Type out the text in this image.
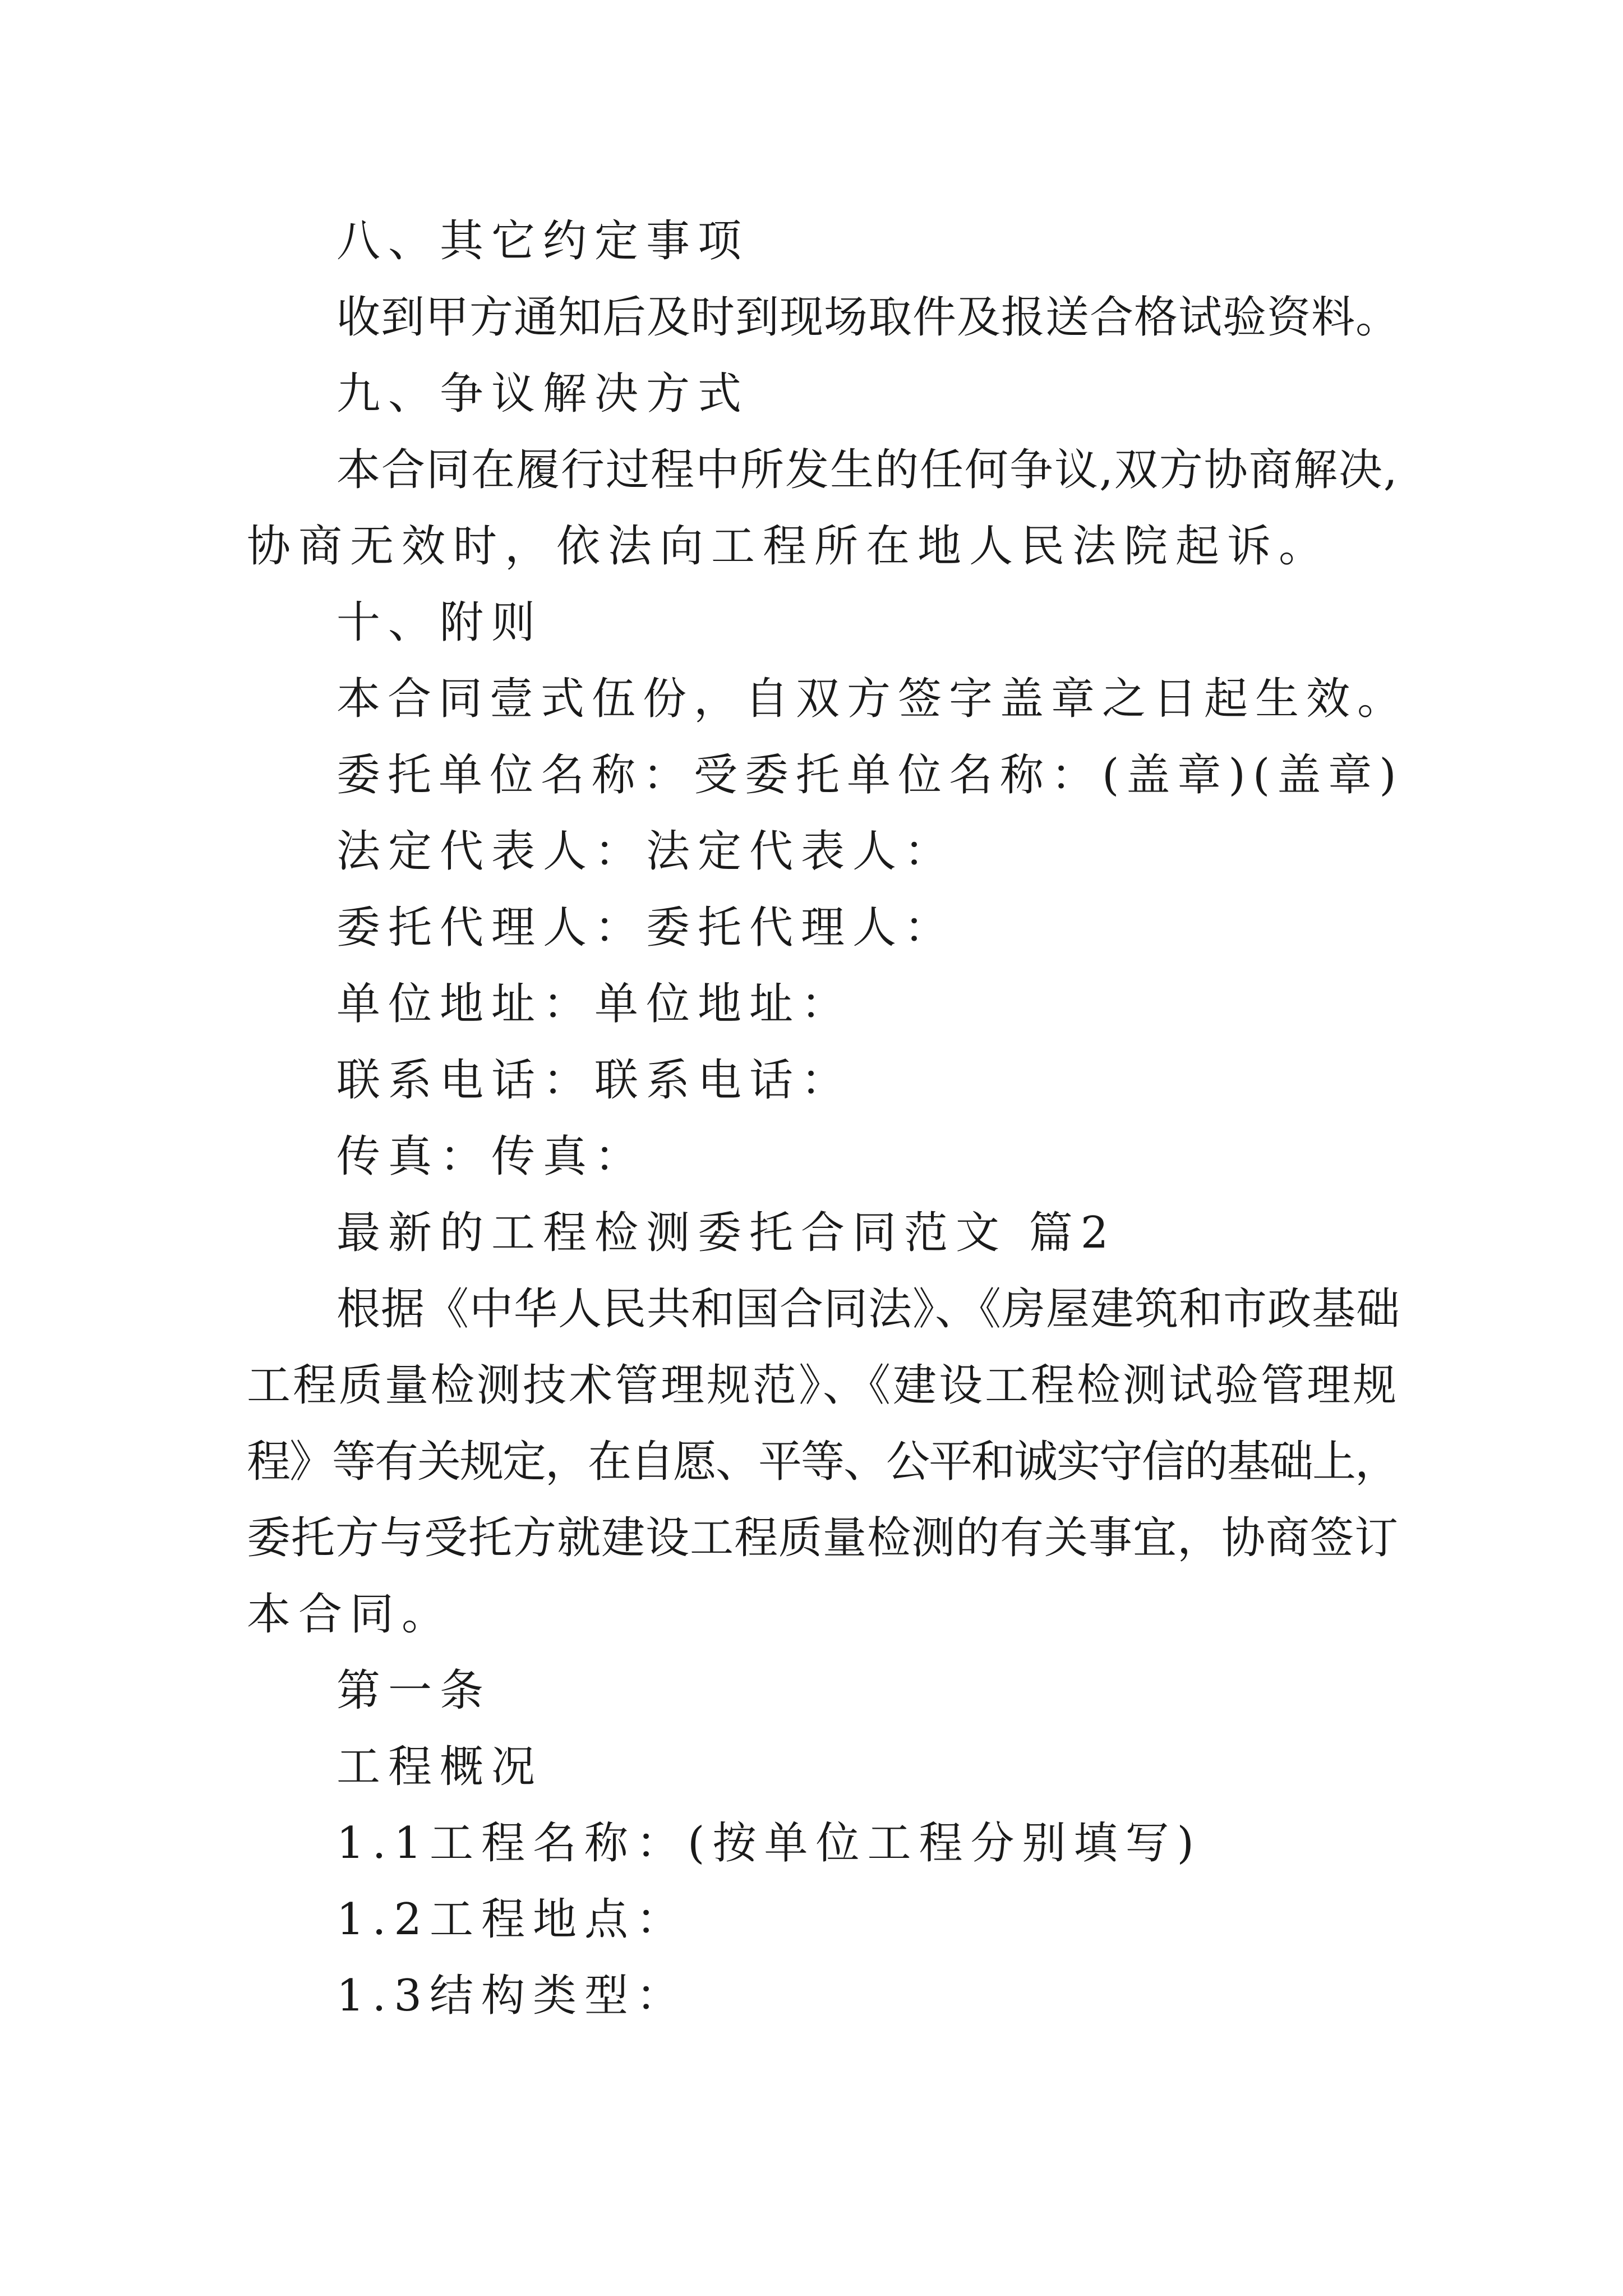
八、其它约定事项
收到甲方通知后及时到现场取件及报送合格试验资料。
九、争议解决方式
本合同在履行过程中所发生的任何争议,双方协商解决,
协商无效时，依法向工程所在地人民法院起诉。
十、附则
本合同壹式伍份，自双方签字盖章之日起生效。
委托单位名称：受委托单位名称：(盖章)(盖章)
法定代表人：法定代表人：
委托代理人：委托代理人：
单位地址：单位地址：
联系电话：联系电话：
传真：传真：
最新的工程检测委托合同范文 篇2
根据《中华人民共和国合同法》、《房屋建筑和市政基础
工程质量检测技术管理规范》、《建设工程检测试验管理规
程》等有关规定，在自愿、平等、公平和诚实守信的基础上，
委托方与受托方就建设工程质量检测的有关事宜，协商签订
本合同。
第一条
工程概况
1.1工程名称：(按单位工程分别填写)
1.2工程地点：
1.3结构类型：
